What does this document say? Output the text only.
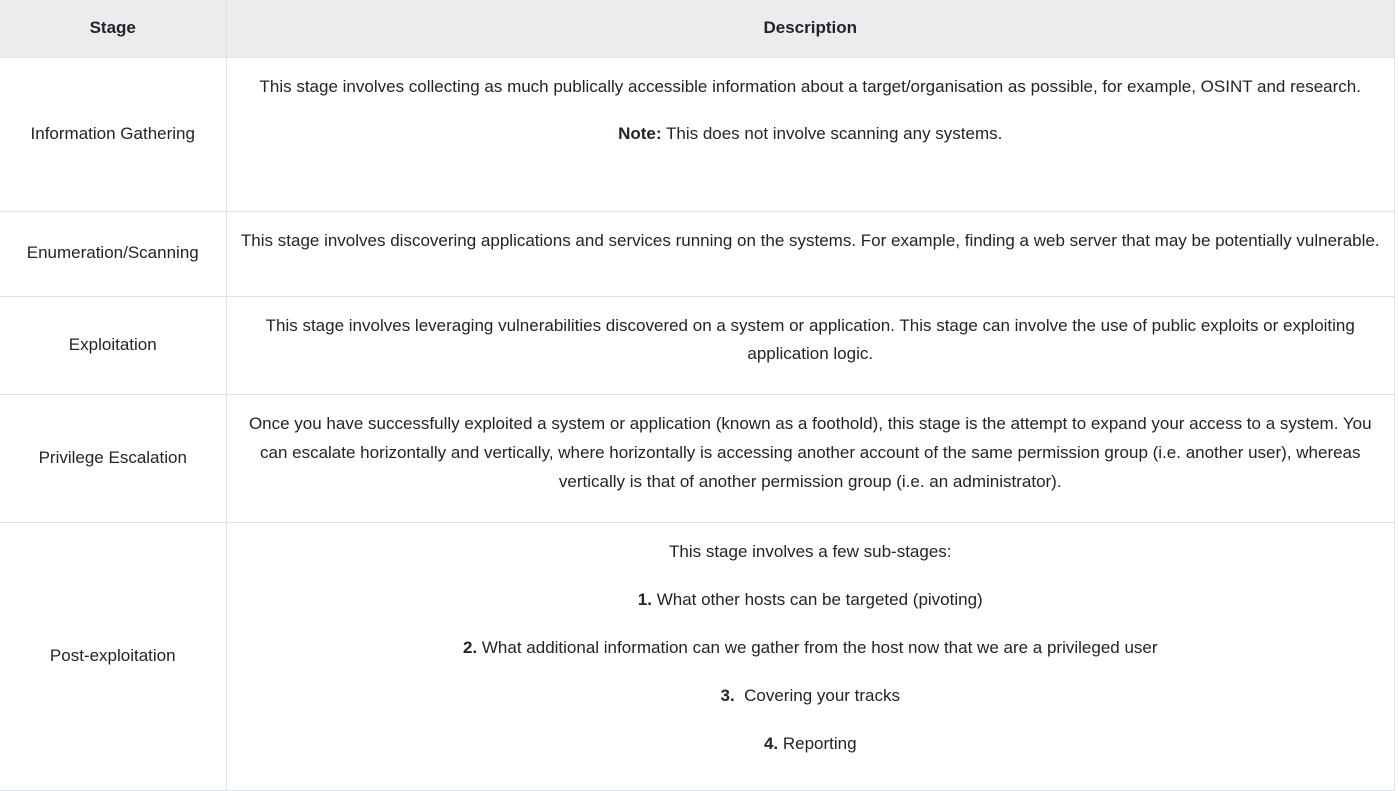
Stage	Description
Information Gathering	This stage involves collecting as much publically accessible information about a target/organisation as possible, for example, OSINT and research.

Note: This does not involve scanning any systems.

Enumeration/Scanning	This stage involves discovering applications and services running on the systems. For example, finding a web server that may be potentially vulnerable.

Exploitation	This stage involves leveraging vulnerabilities discovered on a system or application. This stage can involve the use of public exploits or exploiting application logic.

Privilege Escalation	Once you have successfully exploited a system or application (known as a foothold), this stage is the attempt to expand your access to a system. You can escalate horizontally and vertically, where horizontally is accessing another account of the same permission group (i.e. another user), whereas vertically is that of another permission group (i.e. an administrator).

Post-exploitation	This stage involves a few sub-stages:

1. What other hosts can be targeted (pivoting)

2. What additional information can we gather from the host now that we are a privileged user

3.  Covering your tracks

4. Reporting
